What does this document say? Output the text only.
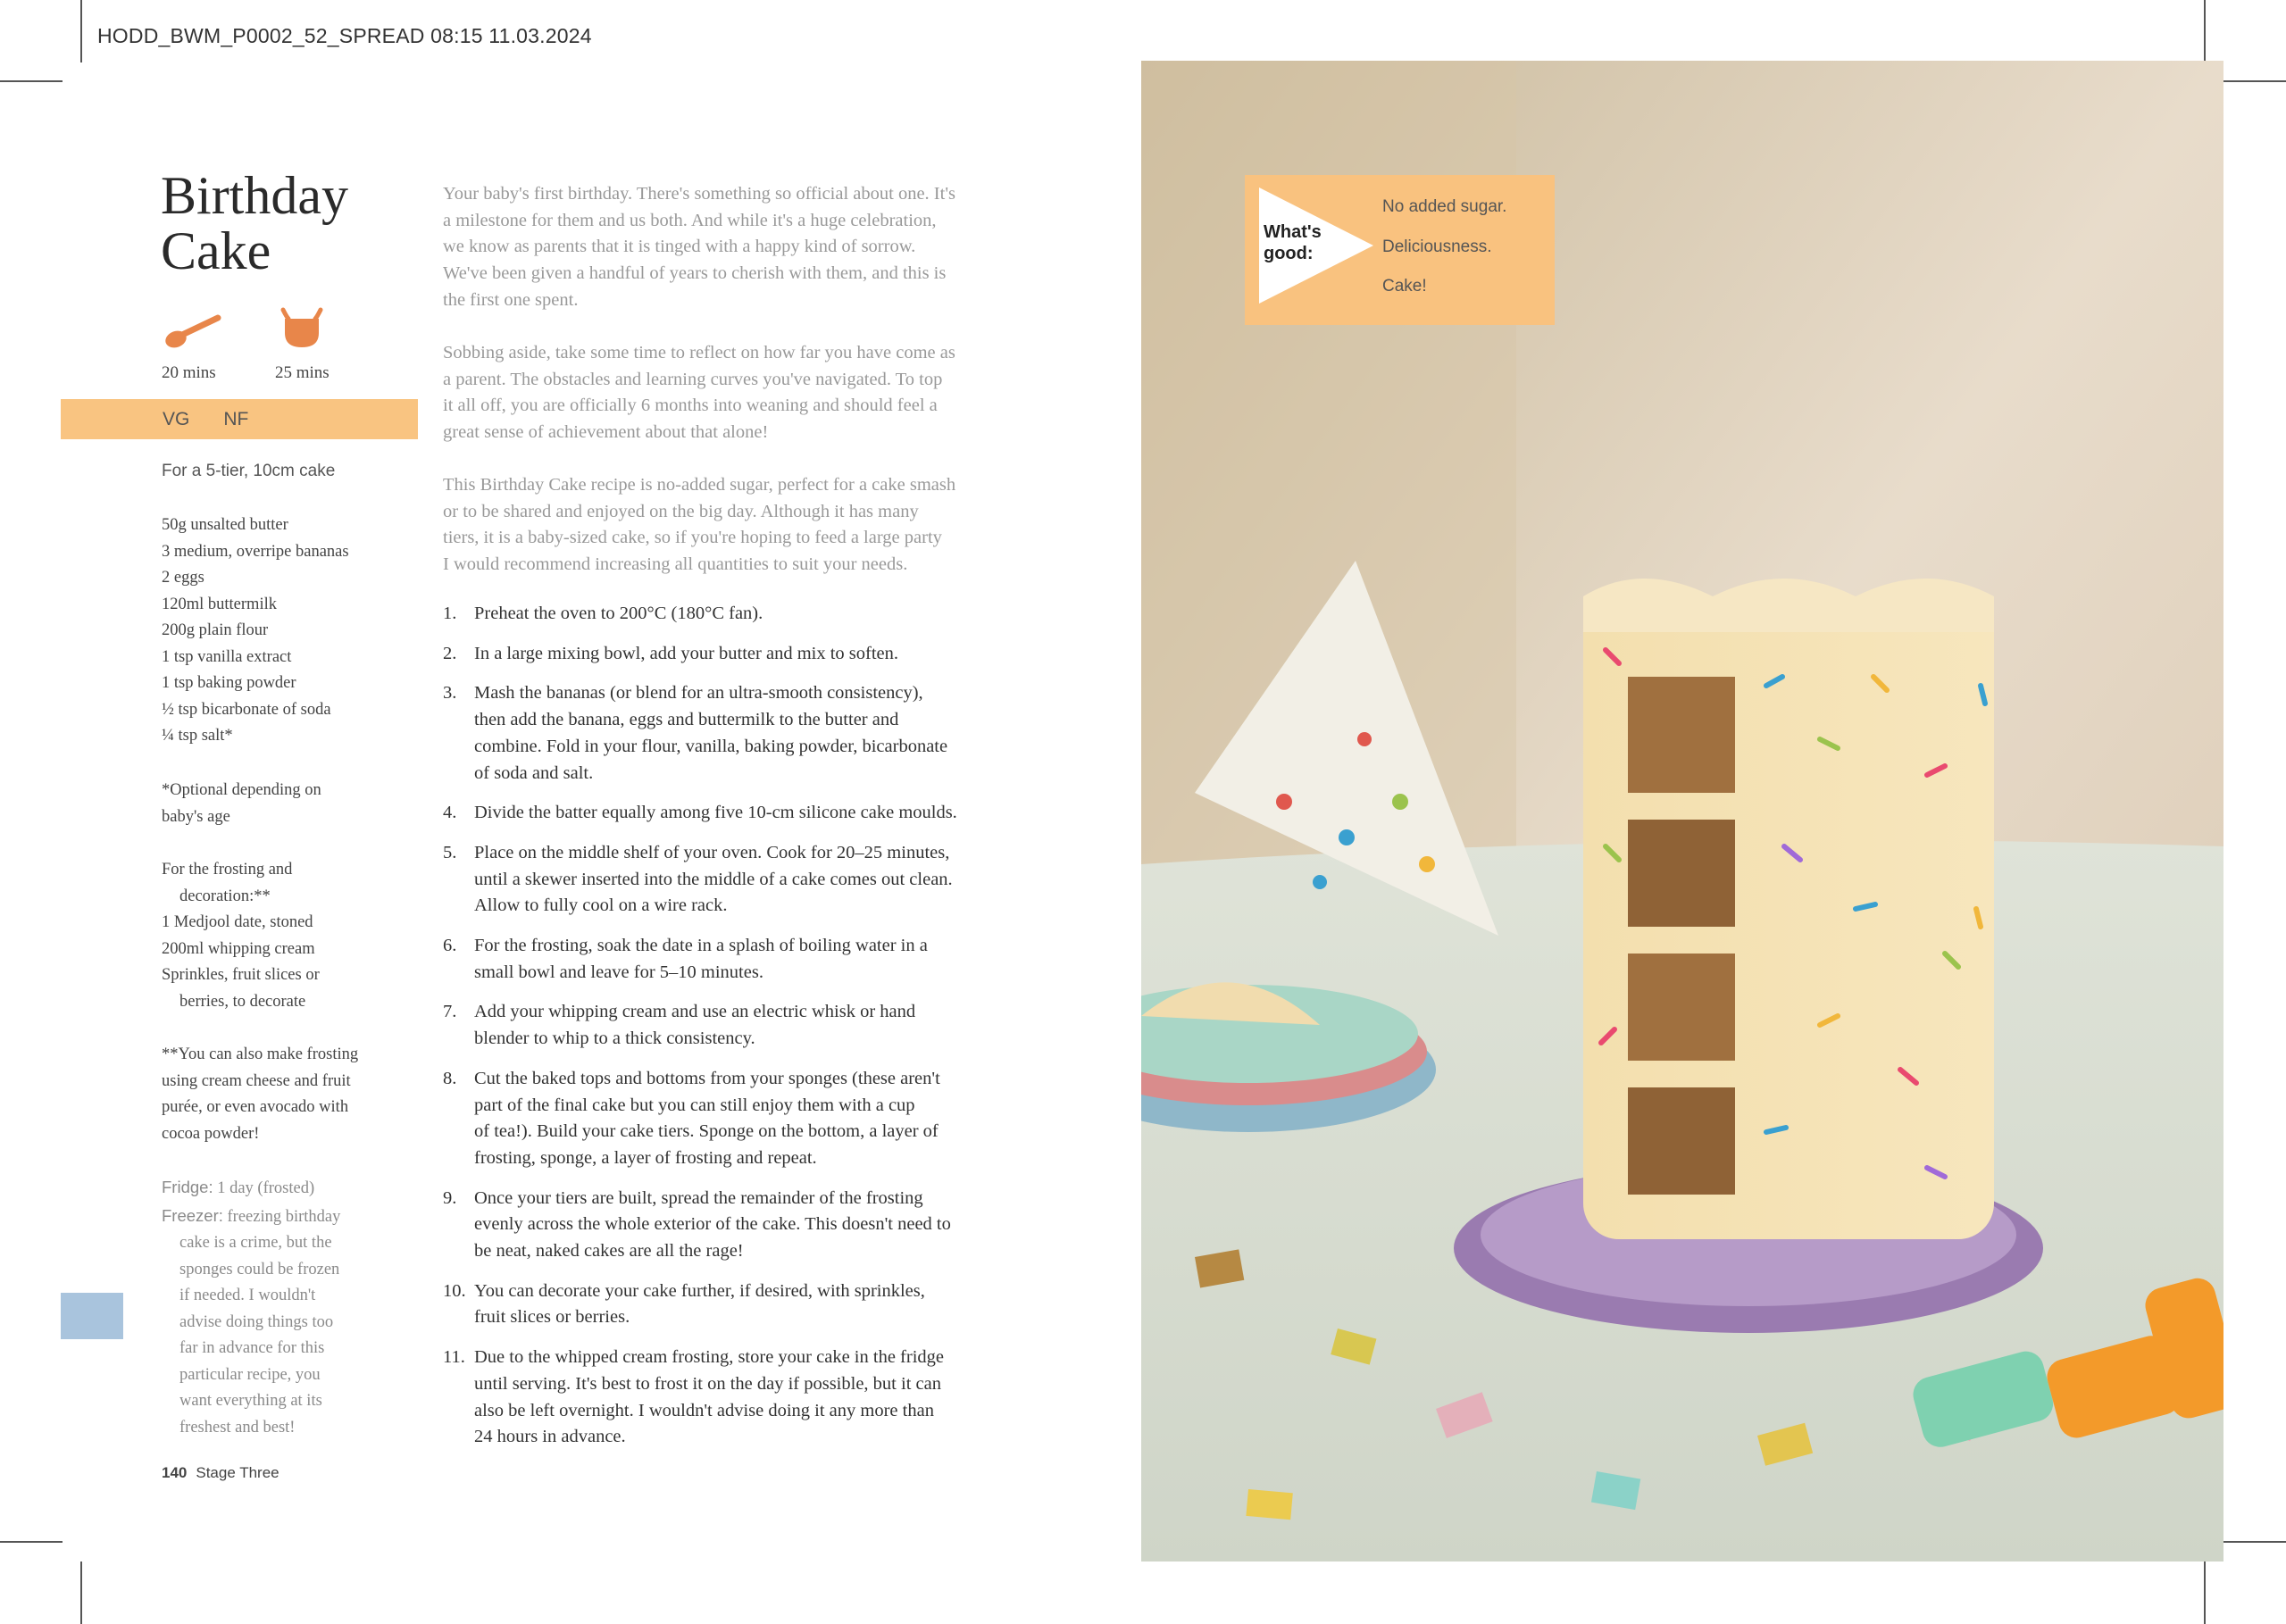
HODD_BWM_P0002_52_SPREAD 08:15 11.03.2024
Birthday
Cake
20 mins	25 mins
VG NF
For a 5-tier, 10cm cake
50g unsalted butter
3 medium, overripe bananas
2 eggs
120ml buttermilk
200g plain flour
1 tsp vanilla extract
1 tsp baking powder
½ tsp bicarbonate of soda
¼ tsp salt*
*Optional depending on
baby's age
For the frosting and
decoration:**
1 Medjool date, stoned
200ml whipping cream
Sprinkles, fruit slices or
berries, to decorate
**You can also make frosting
using cream cheese and fruit
purée, or even avocado with
cocoa powder!
Fridge: 1 day (frosted)
Freezer: freezing birthday
cake is a crime, but the
sponges could be frozen
if needed. I wouldn't
advise doing things too
far in advance for this
particular recipe, you
want everything at its
freshest and best!
140 Stage Three
Your baby's first birthday. There's something so official about one. It's
a milestone for them and us both. And while it's a huge celebration,
we know as parents that it is tinged with a happy kind of sorrow.
We've been given a handful of years to cherish with them, and this is
the first one spent.
Sobbing aside, take some time to reflect on how far you have come as
a parent. The obstacles and learning curves you've navigated. To top
it all off, you are officially 6 months into weaning and should feel a
great sense of achievement about that alone!
This Birthday Cake recipe is no-added sugar, perfect for a cake smash
or to be shared and enjoyed on the big day. Although it has many
tiers, it is a baby-sized cake, so if you're hoping to feed a large party
I would recommend increasing all quantities to suit your needs.
1. Preheat the oven to 200°C (180°C fan).
2. In a large mixing bowl, add your butter and mix to soften.
3. Mash the bananas (or blend for an ultra-smooth consistency),
then add the banana, eggs and buttermilk to the butter and
combine. Fold in your flour, vanilla, baking powder, bicarbonate
of soda and salt.
4. Divide the batter equally among five 10-cm silicone cake moulds.
5. Place on the middle shelf of your oven. Cook for 20–25 minutes,
until a skewer inserted into the middle of a cake comes out clean.
Allow to fully cool on a wire rack.
6. For the frosting, soak the date in a splash of boiling water in a
small bowl and leave for 5–10 minutes.
7. Add your whipping cream and use an electric whisk or hand
blender to whip to a thick consistency.
8. Cut the baked tops and bottoms from your sponges (these aren't
part of the final cake but you can still enjoy them with a cup
of tea!). Build your cake tiers. Sponge on the bottom, a layer of
frosting, sponge, a layer of frosting and repeat.
9. Once your tiers are built, spread the remainder of the frosting
evenly across the whole exterior of the cake. This doesn't need to
be neat, naked cakes are all the rage!
10. You can decorate your cake further, if desired, with sprinkles,
fruit slices or berries.
11. Due to the whipped cream frosting, store your cake in the fridge
until serving. It's best to frost it on the day if possible, but it can
also be left overnight. I wouldn't advise doing it any more than
24 hours in advance.
What's
good:
No added sugar.
Deliciousness.
Cake!
